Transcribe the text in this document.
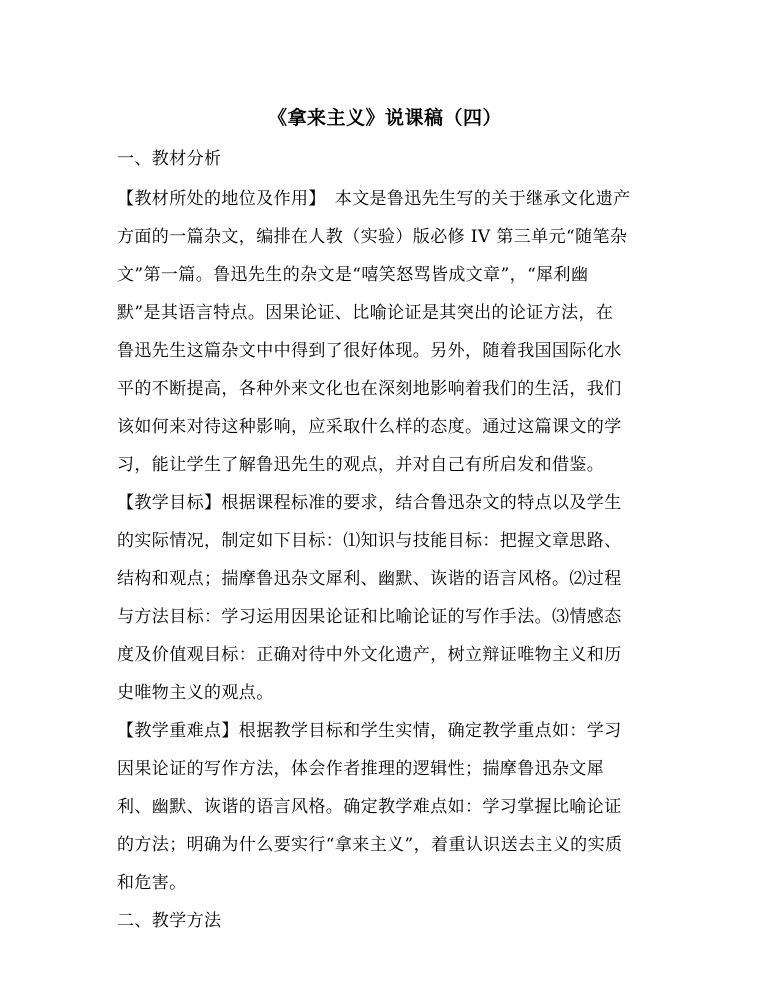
《拿来主义》说课稿（四）
一、教材分析
【教材所处的地位及作用】　本文是鲁迅先生写的关于继承文化遗产
方面的一篇杂文，编排在人教（实验）版必修 IV 第三单元“随笔杂
文”第一篇。鲁迅先生的杂文是“嘻笑怒骂皆成文章”，“犀利幽
默”是其语言特点。因果论证、比喻论证是其突出的论证方法，在
鲁迅先生这篇杂文中中得到了很好体现。另外，随着我国国际化水
平的不断提高，各种外来文化也在深刻地影响着我们的生活，我们
该如何来对待这种影响，应采取什么样的态度。通过这篇课文的学
习，能让学生了解鲁迅先生的观点，并对自己有所启发和借鉴。
【教学目标】根据课程标准的要求，结合鲁迅杂文的特点以及学生
的实际情况，制定如下目标：⑴知识与技能目标：把握文章思路、
结构和观点；揣摩鲁迅杂文犀利、幽默、诙谐的语言风格。⑵过程
与方法目标：学习运用因果论证和比喻论证的写作手法。⑶情感态
度及价值观目标：正确对待中外文化遗产，树立辩证唯物主义和历
史唯物主义的观点。
【教学重难点】根据教学目标和学生实情，确定教学重点如：学习
因果论证的写作方法，体会作者推理的逻辑性；揣摩鲁迅杂文犀
利、幽默、诙谐的语言风格。确定教学难点如：学习掌握比喻论证
的方法；明确为什么要实行“拿来主义”，着重认识送去主义的实质
和危害。
二、教学方法
